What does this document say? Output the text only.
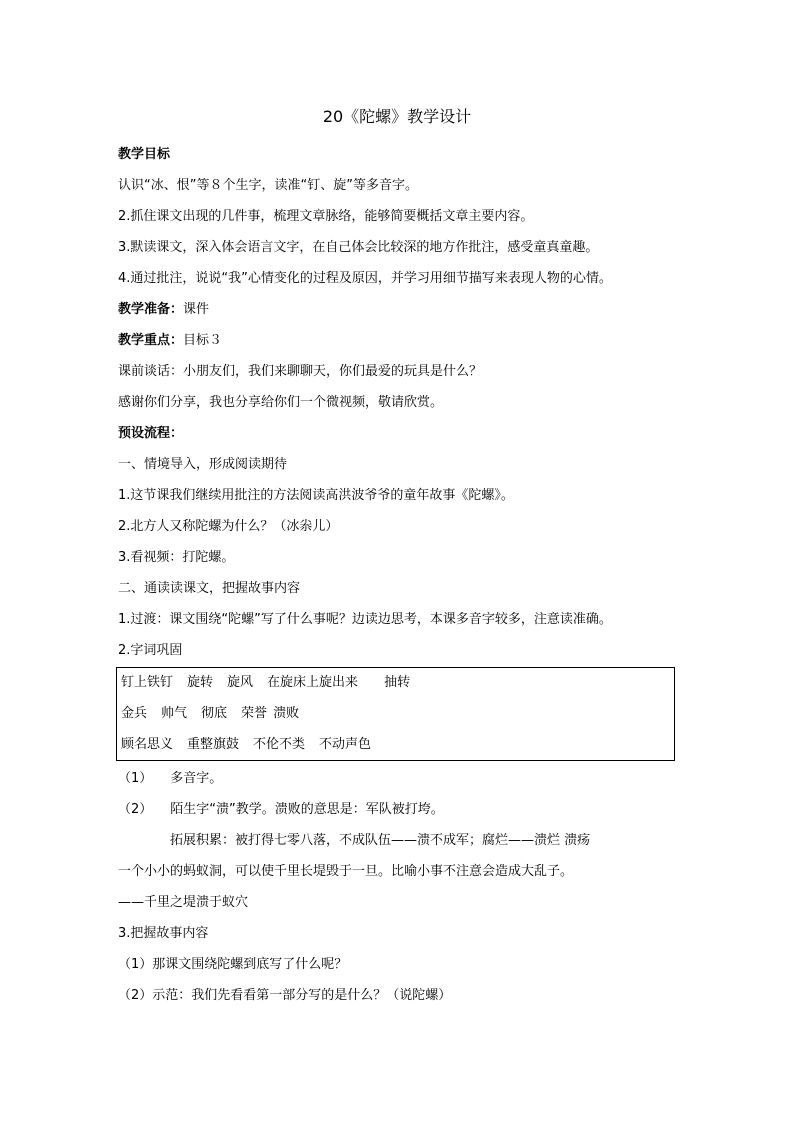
20《陀螺》教学设计
教学目标
认识“冰、恨”等８个生字，读准“钉、旋”等多音字。
2.抓住课文出现的几件事，梳理文章脉络，能够简要概括文章主要内容。
3.默读课文，深入体会语言文字，在自己体会比较深的地方作批注，感受童真童趣。
4.通过批注，说说“我”心情变化的过程及原因，并学习用细节描写来表现人物的心情。
教学准备：课件
教学重点：目标３
课前谈话：小朋友们，我们来聊聊天，你们最爱的玩具是什么？
感谢你们分享，我也分享给你们一个微视频，敬请欣赏。
预设流程：
一、情境导入，形成阅读期待
1.这节课我们继续用批注的方法阅读高洪波爷爷的童年故事《陀螺》。
2.北方人又称陀螺为什么？（冰尜儿）
3.看视频：打陀螺。
二、通读读课文，把握故事内容
1.过渡：课文围绕“陀螺”写了什么事呢？边读边思考，本课多音字较多，注意读准确。
2.字词巩固
钉上铁钉 旋转 旋风 在旋床上旋出来 抽转
金兵 帅气 彻底 荣誉 溃败
顾名思义 重整旗鼓 不伦不类 不动声色
（1） 多音字。
（2） 陌生字“溃”教学。溃败的意思是：军队被打垮。
拓展积累：被打得七零八落，不成队伍——溃不成军；腐烂——溃烂 溃疡
一个小小的蚂蚁洞，可以使千里长堤毁于一旦。比喻小事不注意会造成大乱子。
——千里之堤溃于蚁穴
3.把握故事内容
（1）那课文围绕陀螺到底写了什么呢？
（2）示范：我们先看看第一部分写的是什么？（说陀螺）
